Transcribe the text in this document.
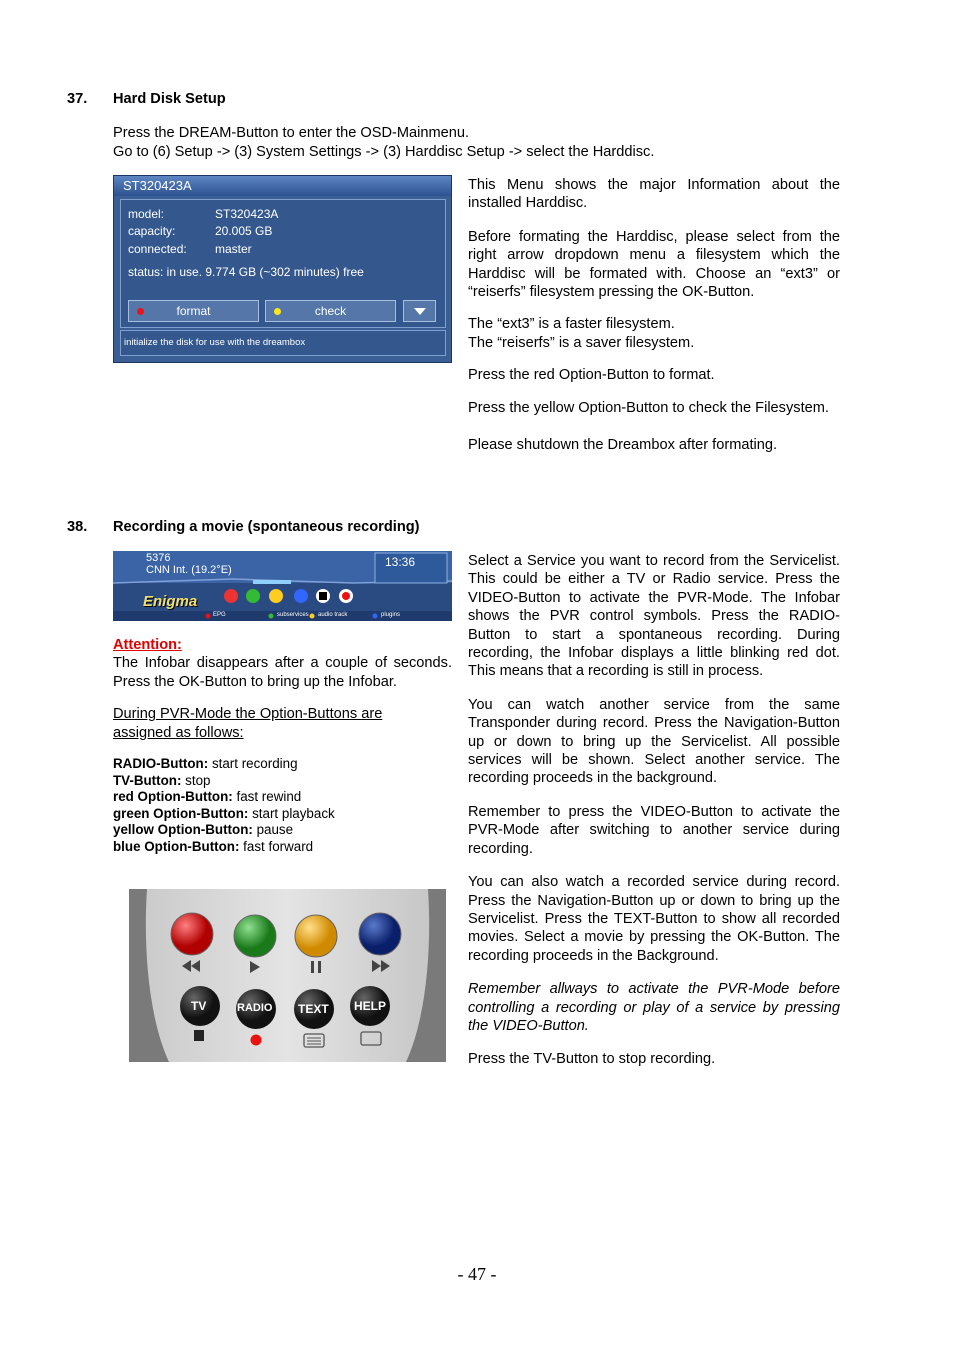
37. Hard Disk Setup

Press the DREAM-Button to enter the OSD-Mainmenu.

Go to (6) Setup -> (3) System Settings -> (3) Harddisc Setup -> select the Harddisc.

ST320423A
model:	ST320423A
capacity:	20.005 GB
connected: master
status: in use. 9.774 GB (~302 minutes) free
format	check
initialize the disk for use with the dreambox

This Menu shows the major Information about the installed Harddisc.

Before formating the Harddisc, please select from the right arrow dropdown menu a filesystem which the Harddisc will be formated with. Choose an “ext3” or “reiserfs” filesystem pressing the OK-Button.

The “ext3” is a faster filesystem.

The “reiserfs” is a saver filesystem.

Press the red Option-Button to format.

Press the yellow Option-Button to check the Filesystem.

Please shutdown the Dreambox after formating.

38. Recording a movie (spontaneous recording)
5376
CNN Int. (19.2°E)
13:36
Enigma
EPG	subservices audio track	plugins

Attention:

The Infobar disappears after a couple of seconds. Press the OK-Button to bring up the Infobar.

During PVR-Mode the Option-Buttons are

assigned as follows:

RADIO-Button: start recording
TV-Button: stop
red Option-Button: fast rewind
green Option-Button: start playback
yellow Option-Button: pause
blue Option-Button: fast forward
TV	RADIO TEXT HELP

Select a Service you want to record from the Servicelist. This could be either a TV or Radio service. Press the VIDEO-Button to activate the PVR-Mode. The Infobar shows the PVR control symbols. Press the RADIO-Button to start a spontaneous recording. During recording, the Infobar displays a little blinking red dot. This means that a recording is still in process.

You can watch another service from the same Transponder during record. Press the Navigation-Button up or down to bring up the Servicelist. All possible services will be shown. Select another service. The recording proceeds in the background.

Remember to press the VIDEO-Button to activate the PVR-Mode after switching to another service during recording.

You can also watch a recorded service during record. Press the Navigation-Button up or down to bring up the Servicelist. Press the TEXT-Button to show all recorded movies. Select a movie by pressing the OK-Button. The recording proceeds in the Background.

Remember allways to activate the PVR-Mode before controlling a recording or play of a service by pressing the VIDEO-Button.

Press the TV-Button to stop recording.

- 47 -
